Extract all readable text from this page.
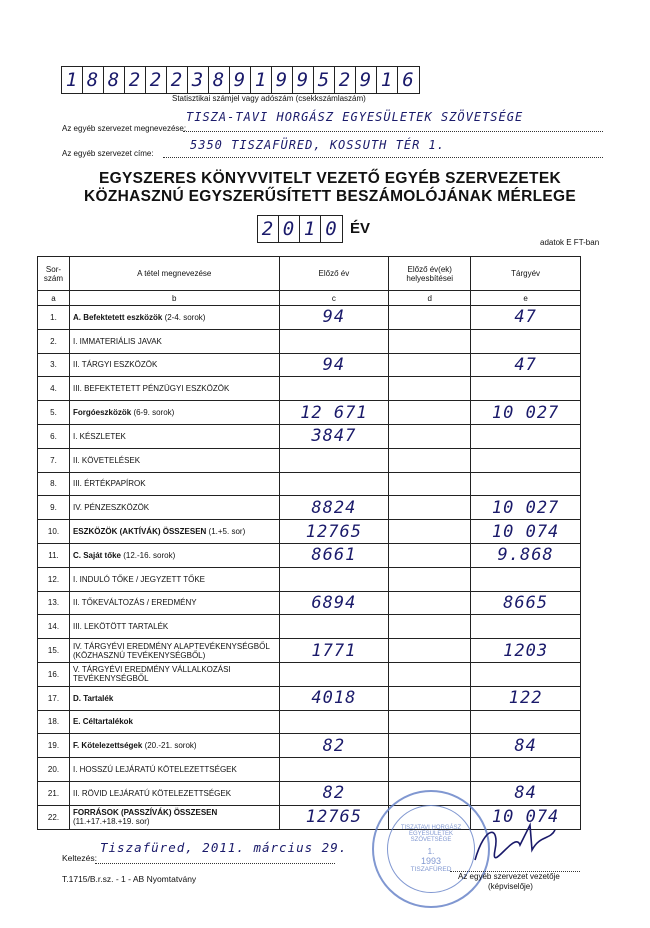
1 8 8 2 2 2 3 8 9 1 9 9 5 2 9 1 6
Statisztikai számjel vagy adószám (csekkszámlaszám)
Az egyéb szervezet megnevezése:
TISZA-TAVI HORGÁSZ EGYESÜLETEK SZÖVETSÉGE
Az egyéb szervezet címe:
5350 TISZAFÜRED, KOSSUTH TÉR 1.
EGYSZERES KÖNYVVITELT VEZETŐ EGYÉB SZERVEZETEK
KÖZHASZNÚ EGYSZERŰSÍTETT BESZÁMOLÓJÁNAK MÉRLEGE
2 0 1 0 ÉV
adatok E FT-ban
Sor-
szám	A tétel megnevezése	Előző év	Előző év(ek) helyesbítései	Tárgyév
a	b	c	d	e
1.	A. Befektetett eszközök (2-4. sorok)	94		47
2.	I. IMMATERIÁLIS JAVAK			
3.	II. TÁRGYI ESZKÖZÖK	94		47
4.	III. BEFEKTETETT PÉNZÜGYI ESZKÖZÖK			
5.	Forgóeszközök (6-9. sorok)	12 671		10 027
6.	I. KÉSZLETEK	3847		
7.	II. KÖVETELÉSEK			
8.	III. ÉRTÉKPAPÍROK			
9.	IV. PÉNZESZKÖZÖK	8824		10 027
10.	ESZKÖZÖK (AKTÍVÁK) ÖSSZESEN (1.+5. sor)	12765		10 074
11.	C. Saját tőke (12.-16. sorok)	8661		9.868
12.	I. INDULÓ TŐKE / JEGYZETT TŐKE			
13.	II. TŐKEVÁLTOZÁS / EREDMÉNY	6894		8665
14.	III. LEKÖTÖTT TARTALÉK			
15.	IV. TÁRGYÉVI EREDMÉNY ALAPTEVÉKENYSÉGBŐL (KÖZHASZNÚ TEVÉKENYSÉGBŐL)	1771		1203
16.	V. TÁRGYÉVI EREDMÉNY VÁLLALKOZÁSI TEVÉKENYSÉGBŐL			
17.	D. Tartalék	4018		122
18.	E. Céltartalékok			
19.	F. Kötelezettségek (20.-21. sorok)	82		84
20.	I. HOSSZÚ LEJÁRATÚ KÖTELEZETTSÉGEK			
21.	II. RÖVID LEJÁRATÚ KÖTELEZETTSÉGEK	82		84
22.	FORRÁSOK (PASSZÍVÁK) ÖSSZESEN (11.+17.+18.+19. sor)	12765		10 074
Keltezés:
Tiszafüred, 2011. március 29.
TISZATAVI HORGÁSZ EGYESÜLETEK SZÖVETSÉGE
1.
1993
TISZAFÜRED
Az egyéb szervezet vezetője
(képviselője)
T.1715/B.r.sz. - 1 - AB Nyomtatvány
